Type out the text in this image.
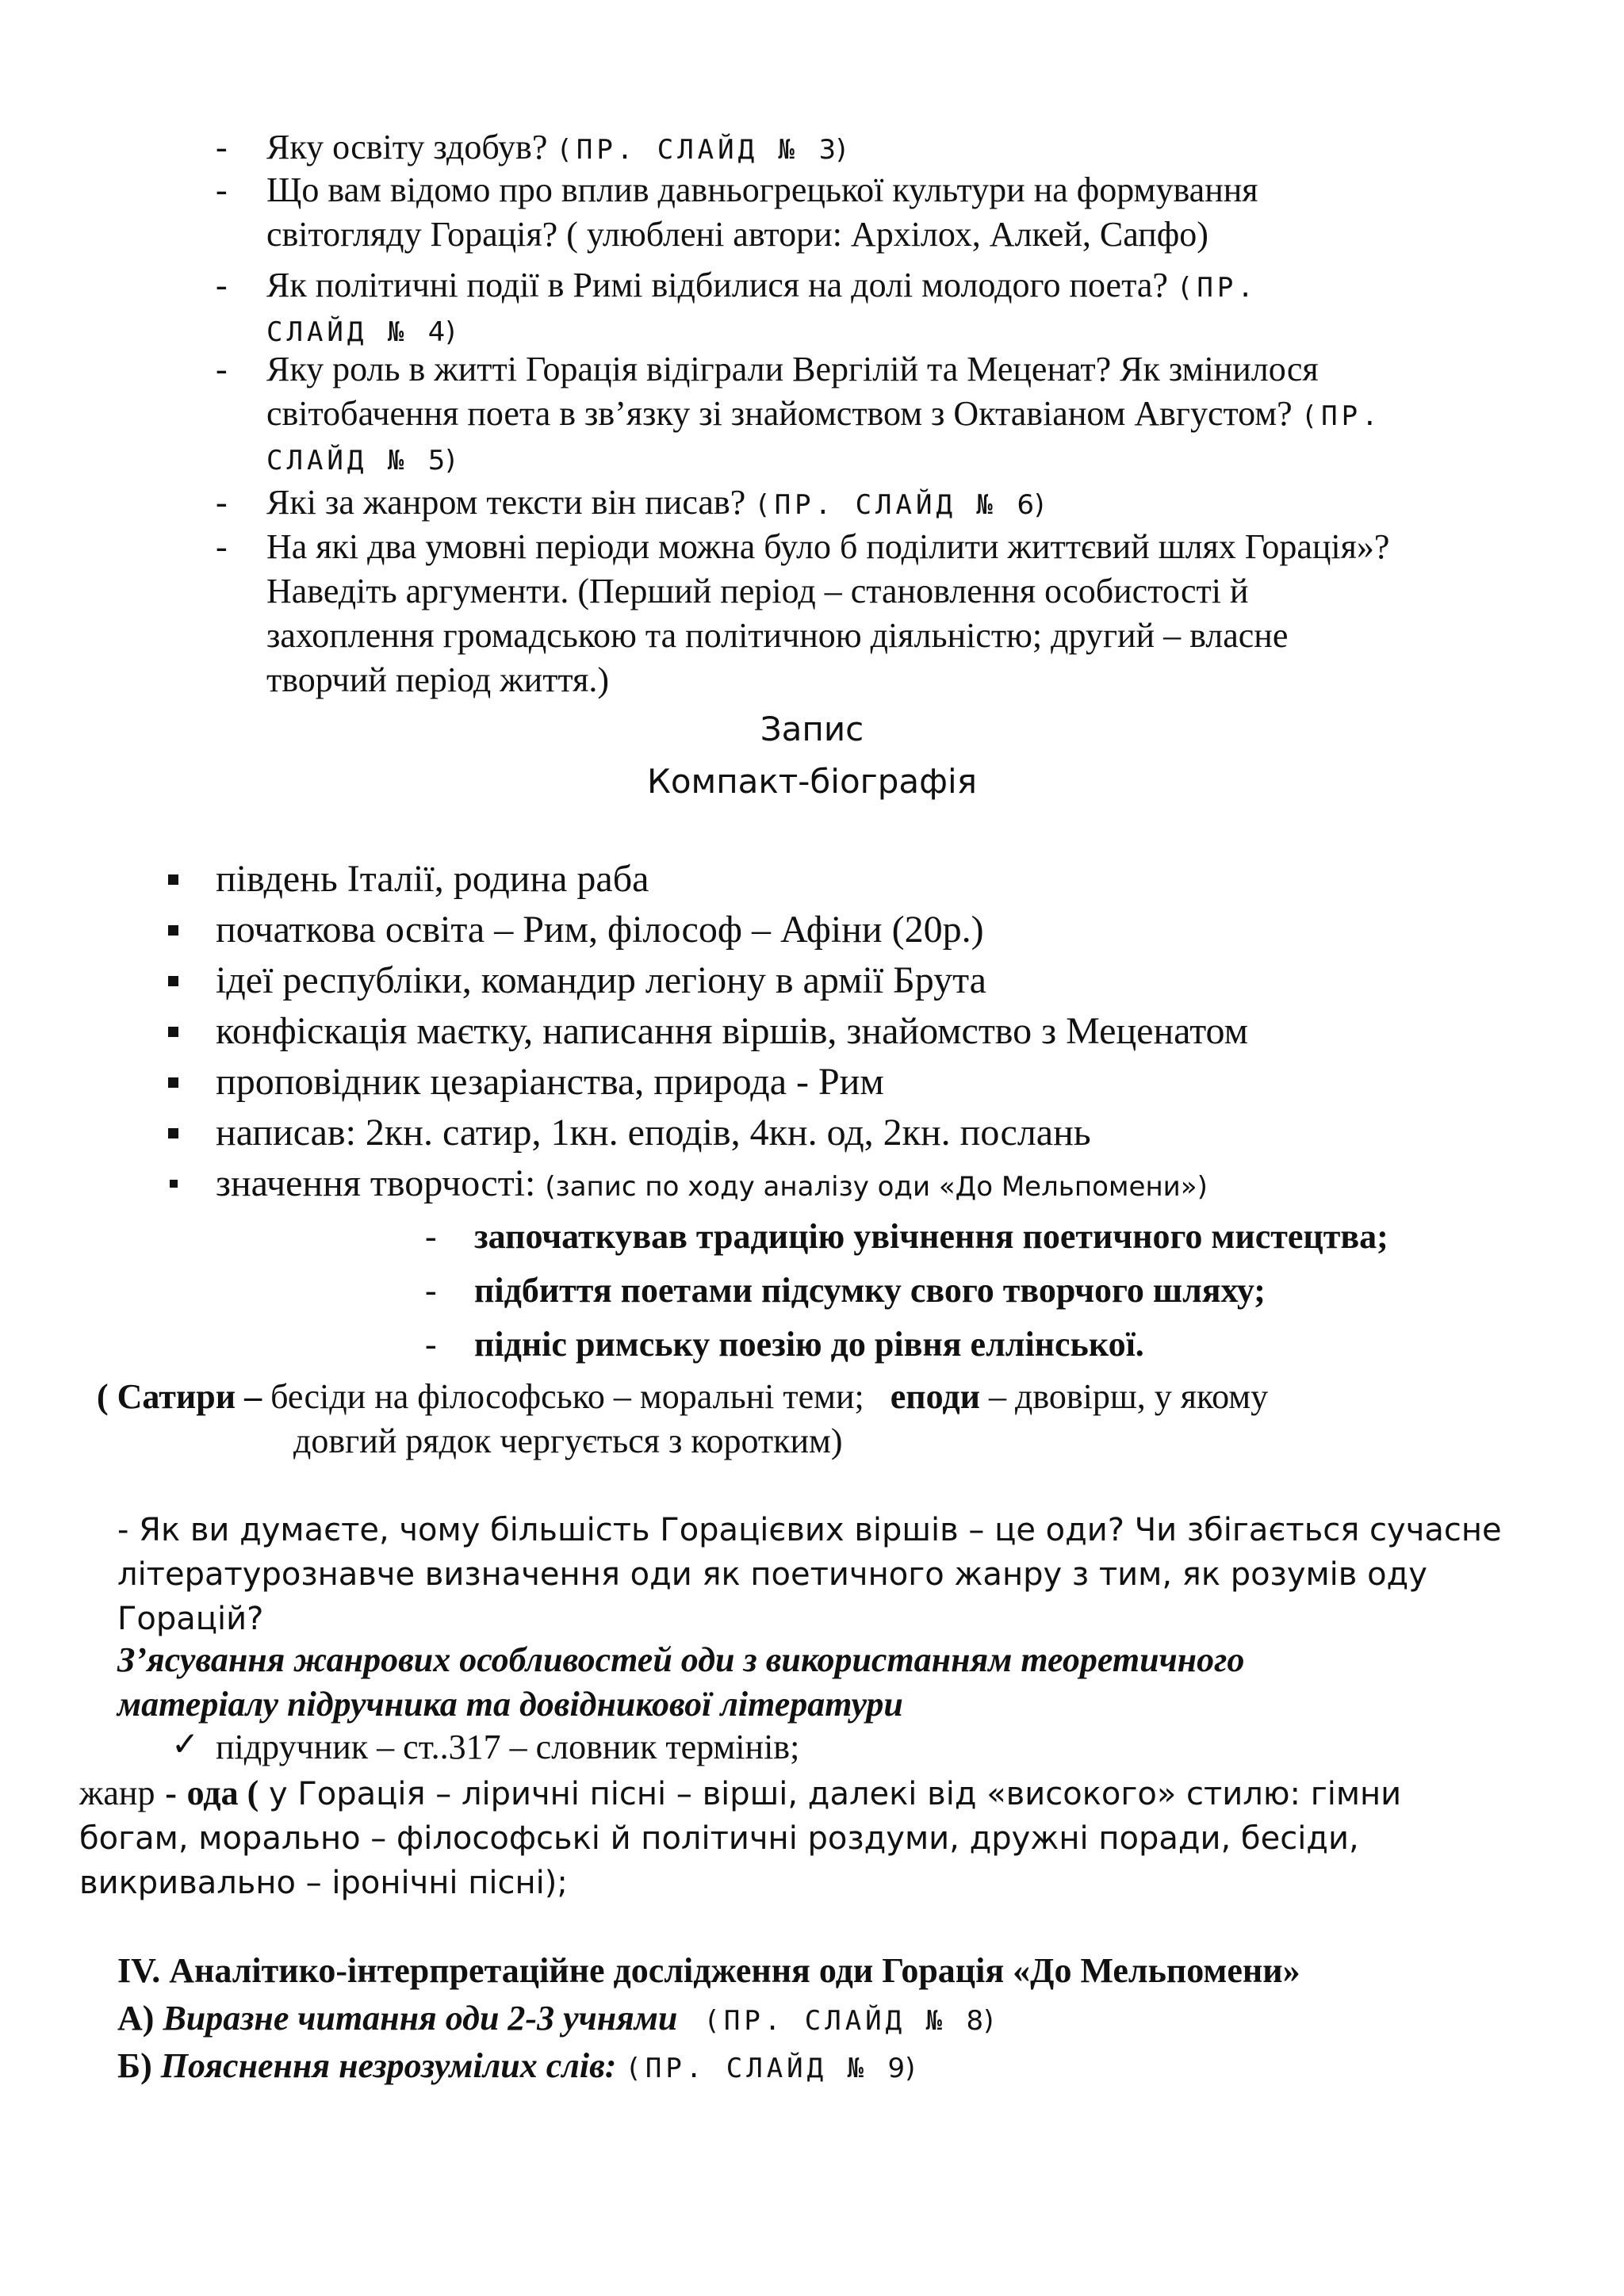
- Яку освіту здобув? (ПР. СЛАЙД № 3)
- Що вам відомо про вплив давньогрецької культури на формування
світогляду Горація? ( улюблені автори: Архілох, Алкей, Сапфо)
- Як політичні події в Римі відбилися на долі молодого поета? (ПР.
СЛАЙД № 4)
- Яку роль в житті Горація відіграли Вергілій та Меценат? Як змінилося
світобачення поета в зв’язку зі знайомством з Октавіаном Августом? (ПР.
СЛАЙД № 5)
- Які за жанром тексти він писав? (ПР. СЛАЙД № 6)
- На які два умовні періоди можна було б поділити життєвий шлях Горація»?
Наведіть аргументи. (Перший період – становлення особистості й
захоплення громадською та політичною діяльністю; другий – власне
творчий період життя.)
Запис
Компакт-біографія
південь Італії, родина раба
початкова освіта – Рим, філософ – Афіни (20р.)
ідеї республіки, командир легіону в армії Брута
конфіскація маєтку, написання віршів, знайомство з Меценатом
проповідник цезаріанства, природа - Рим
написав: 2кн. сатир, 1кн. еподів, 4кн. од, 2кн. послань
значення творчості: (запис по ходу аналізу оди «До Мельпомени»)
- започаткував традицію увічнення поетичного мистецтва;
- підбиття поетами підсумку свого творчого шляху;
- підніс римську поезію до рівня еллінської.
( Сатири – бесіди на філософсько – моральні теми; еподи – двовірш, у якому
довгий рядок чергується з коротким)
- Як ви думаєте, чому більшість Горацієвих віршів – це оди? Чи збігається сучасне
літературознавче визначення оди як поетичного жанру з тим, як розумів оду
Горацій?
З’ясування жанрових особливостей оди з використанням теоретичного
матеріалу підручника та довідникової літератури
✓ підручник – ст..317 – словник термінів;
жанр - ода ( у Горація – ліричні пісні – вірші, далекі від «високого» стилю: гімни
богам, морально – філософські й політичні роздуми, дружні поради, бесіди,
викривально – іронічні пісні);
IV. Аналітико-інтерпретаційне дослідження оди Горація «До Мельпомени»
А) Виразне читання оди 2-3 учнями (ПР. СЛАЙД № 8)
Б) Пояснення незрозумілих слів: (ПР. СЛАЙД № 9)
